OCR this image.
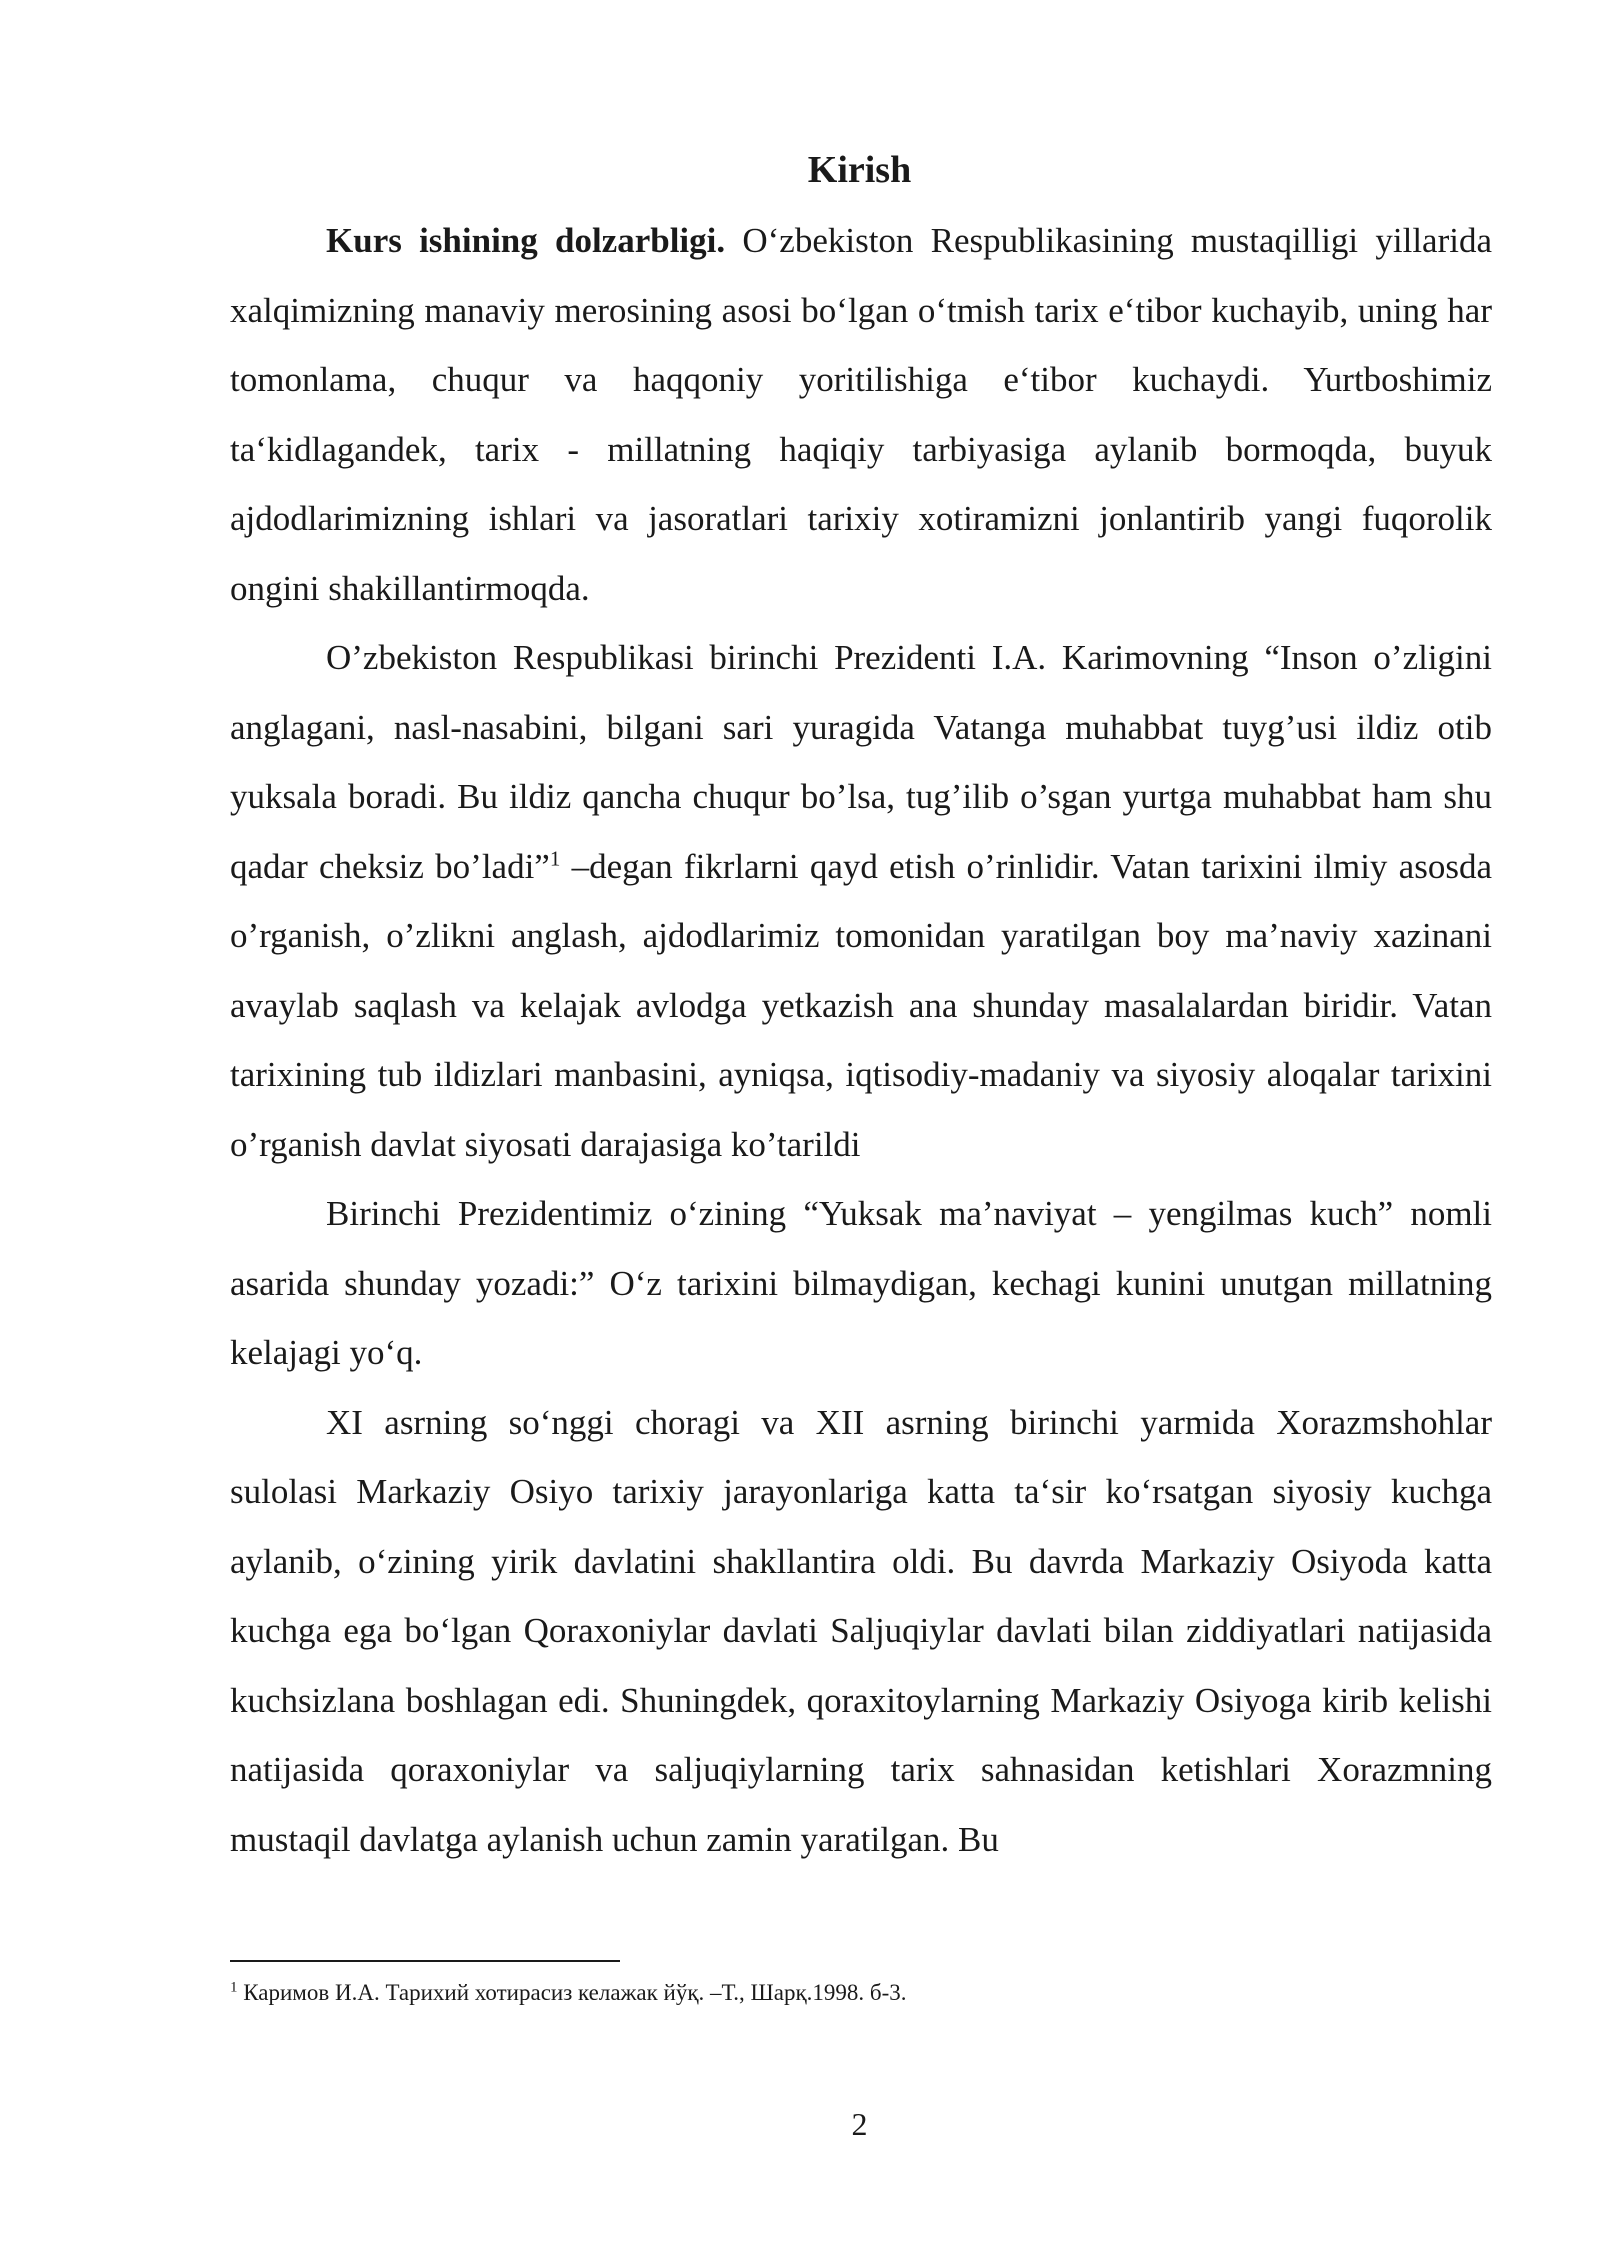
Kirish

Kurs ishining dolzarbligi. O‘zbekiston Respublikasining mustaqilligi yillarida xalqimizning manaviy merosining asosi bo‘lgan o‘tmish tarix e‘tibor kuchayib, uning har tomonlama, chuqur va haqqoniy yoritilishiga e‘tibor kuchaydi. Yurtboshimiz ta‘kidlagandek, tarix - millatning haqiqiy tarbiyasiga aylanib bormoqda, buyuk ajdodlarimizning ishlari va jasoratlari tarixiy xotiramizni jonlantirib yangi fuqorolik ongini shakillantirmoqda.

O’zbekiston Respublikasi birinchi Prezidenti I.A. Karimovning “Inson o’zligini anglagani, nasl-nasabini, bilgani sari yuragida Vatanga muhabbat tuyg’usi ildiz otib yuksala boradi. Bu ildiz qancha chuqur bo’lsa, tug’ilib o’sgan yurtga muhabbat ham shu qadar cheksiz bo’ladi”$^1$ –degan fikrlarni qayd etish o’rinlidir. Vatan tarixini ilmiy asosda o’rganish, o’zlikni anglash, ajdodlarimiz tomonidan yaratilgan boy ma’naviy xazinani avaylab saqlash va kelajak avlodga yetkazish ana shunday masalalardan biridir. Vatan tarixining tub ildizlari manbasini, ayniqsa, iqtisodiy-madaniy va siyosiy aloqalar tarixini o’rganish davlat siyosati darajasiga ko’tarildi

Birinchi Prezidentimiz o‘zining “Yuksak ma’naviyat – yengilmas kuch” nomli asarida shunday yozadi:” O‘z tarixini bilmaydigan, kechagi kunini unutgan millatning kelajagi yo‘q.

XI asrning so‘nggi choragi va XII asrning birinchi yarmida Xorazmshohlar sulolasi Markaziy Osiyo tarixiy jarayonlariga katta ta‘sir ko‘rsatgan siyosiy kuchga aylanib, o‘zining yirik davlatini shakllantira oldi. Bu davrda Markaziy Osiyoda katta kuchga ega bo‘lgan Qoraxoniylar davlati Saljuqiylar davlati bilan ziddiyatlari natijasida kuchsizlana boshlagan edi. Shuningdek, qoraxitoylarning Markaziy Osiyoga kirib kelishi natijasida qoraxoniylar va saljuqiylarning tarix sahnasidan ketishlari Xorazmning mustaqil davlatga aylanish uchun zamin yaratilgan. Bu

$^1$ Каримов И.А. Тарихий хотирасиз келажак йўқ. –Т., Шарқ.1998. б-3.
2
